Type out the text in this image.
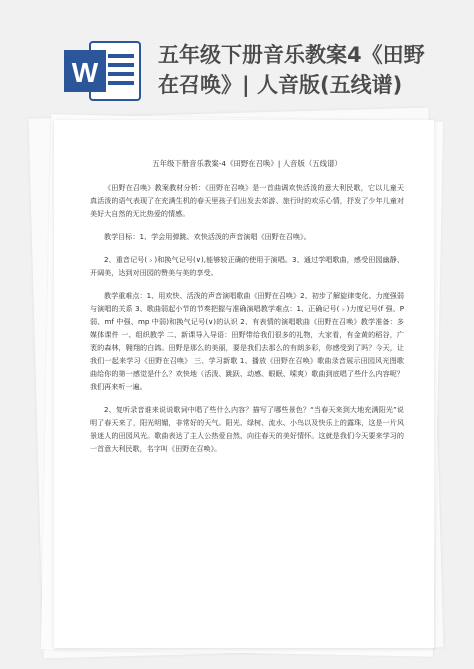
W
五年级下册音乐教案4《田野
在召唤》| 人音版(五线谱)
五年级下册音乐教案-4《田野在召唤》| 人音版（五线谱）

《田野在召唤》教案教材分析：《田野在召唤》是一首曲调欢快活泼的意大利民歌，它以儿童天真活泼的语气表现了在充满生机的春天里孩子们出发去郊游、旅行时的欢乐心情，抒发了少年儿童对美好大自然的无比热爱的情感。

教学目标：1、学会用弹跳、欢快活泼的声音演唱《田野在召唤》。

2、重音记号(﹥)和换气记号(∨),能够较正确的使用于演唱。3、通过学唱歌曲，感受田园幽静、开阔美，达到对田园的赞美与美的享受。

教学重难点：1、用欢快、活泼的声音演唱歌曲《田野在召唤》2、初步了解旋律变化、力度强弱与演唱的关系 3、歌曲弱起小节的节奏把握与准确演唱教学难点：1、正确记号(﹥)力度记号(f 强、P 弱、mf 中强、mp 中弱)和换气记号(∨)的认识 2、有表情的演唱歌曲《田野在召唤》教学准备：多媒体课件 一、组织教学 二、新课导入导语：田野带给我们很多的礼物，大家看，有金黄的稻谷，广袤的森林，翱翔的白鸽。田野是那么的美丽，要是我们去那么的有朗多彩，你感受到了吗？今天，让我们一起来学习《田野在召唤》 三、学习新歌 1、播放《田野在召唤》歌曲录音展示田园风光图歌曲给你的第一感觉是什么？欢快地（活泼、跳跃、动感、眼眠、嗦爽）歌曲到底唱了些什么内容呢？我们再来听一遍。

2、复听录音谁来说说歌词中唱了些什么内容？描写了哪些景色？“当春天来到大地充满阳光”说明了春天来了，阳光明媚，非常好的天气。阳光、绿树、流水、小鸟以及快乐上的露珠，这是一片风景迷人的田园风光。歌曲表达了主人公热爱自然、向往春天的美好情怀。这就是我们今天要来学习的一首意大利民歌，名字叫《田野在召唤》。
